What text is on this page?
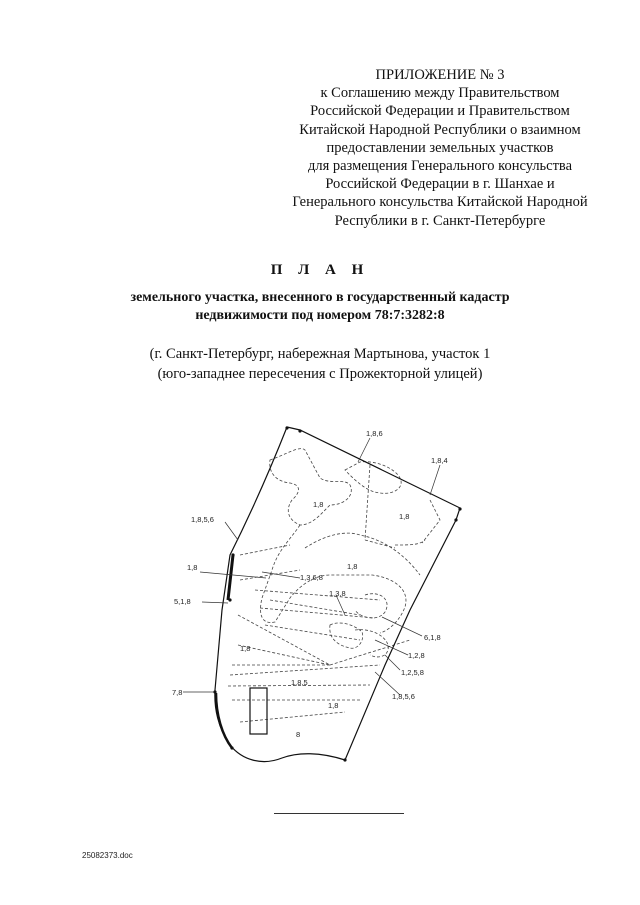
ПРИЛОЖЕНИЕ № 3
к Соглашению между Правительством
Российской Федерации и Правительством
Китайской Народной Республики о взаимном
предоставлении земельных участков
для размещения Генерального консульства
Российской Федерации в г. Шанхае и
Генерального консульства Китайской Народной
Республики в г. Санкт-Петербурге
П Л А Н
земельного участка, внесенного в государственный кадастр
недвижимости под номером 78:7:3282:8
(г. Санкт-Петербург, набережная Мартынова, участок 1
(юго-западнее пересечения с Прожекторной улицей)
1,8,6
1,8,4
1,8
1,8
1,8,5,6
1,8
1,3,6,8
1,8
5,1,8
1,3,8
6,1,8
1,8
1,2,8
1,2,5,8
1,8,5
7,8	1,8,5,6
1,8
8
25082373.doc
